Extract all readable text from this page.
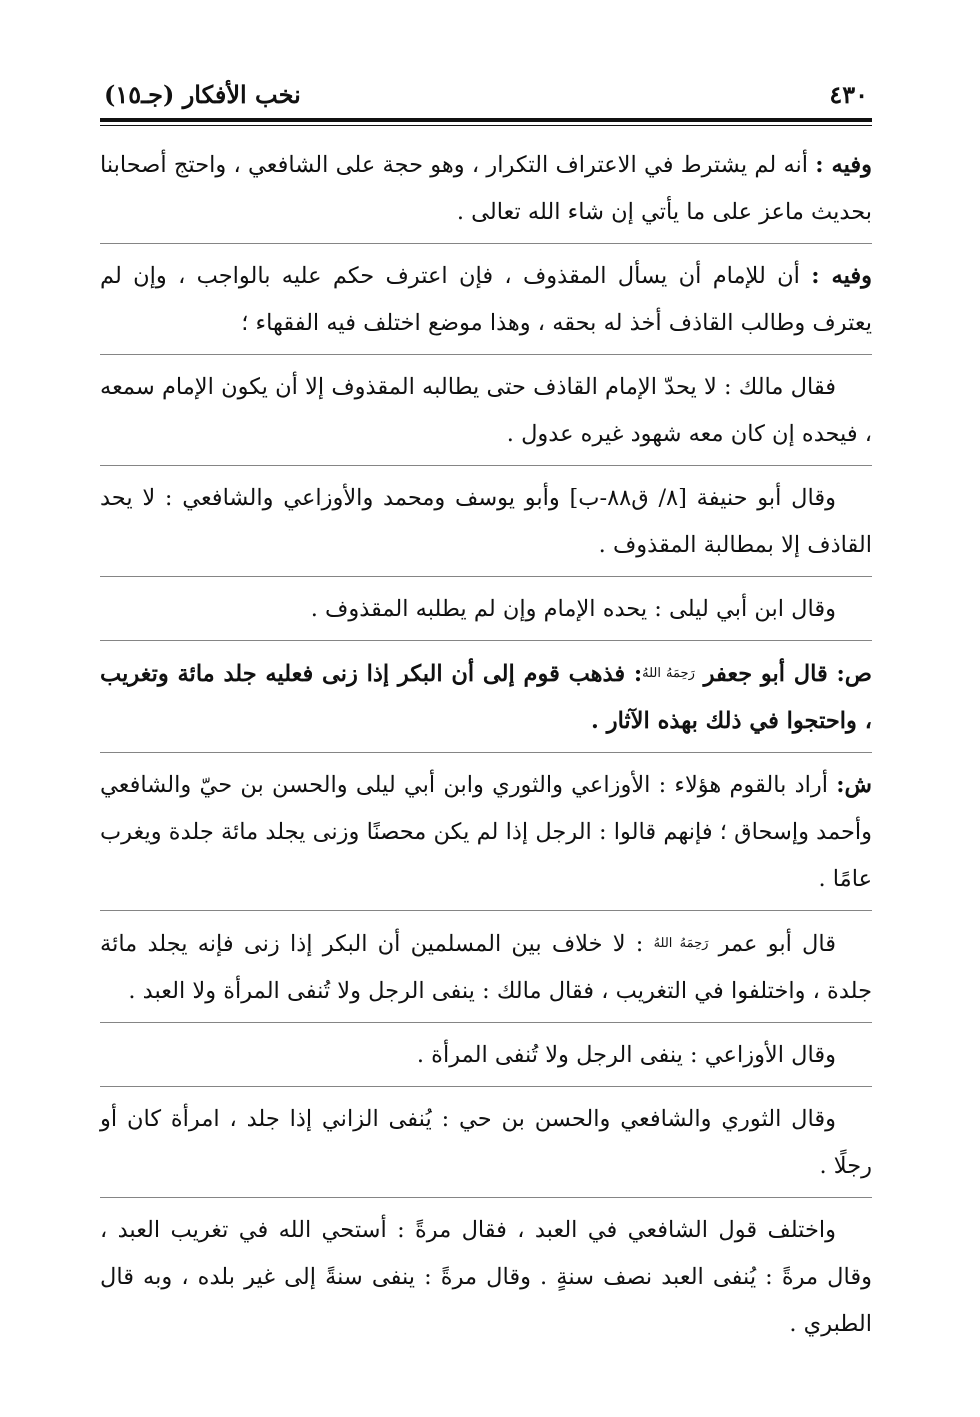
٤٣٠
نخب الأفكار (جـ١٥)

وفيه : أنه لم يشترط في الاعتراف التكرار ، وهو حجة على الشافعي ، واحتج أصحابنا بحديث ماعز على ما يأتي إن شاء الله تعالى .

وفيه : أن للإمام أن يسأل المقذوف ، فإن اعترف حكم عليه بالواجب ، وإن لم يعترف وطالب القاذف أخذ له بحقه ، وهذا موضع اختلف فيه الفقهاء ؛

فقال مالك : لا يحدّ الإمام القاذف حتى يطالبه المقذوف إلا أن يكون الإمام سمعه ، فيحده إن كان معه شهود غيره عدول .

وقال أبو حنيفة [٨/ ق٨٨-ب] وأبو يوسف ومحمد والأوزاعي والشافعي : لا يحد القاذف إلا بمطالبة المقذوف .

وقال ابن أبي ليلى : يحده الإمام وإن لم يطلبه المقذوف .

ص: قال أبو جعفر رَحِمَهُ اللهُ: فذهب قوم إلى أن البكر إذا زنى فعليه جلد مائة وتغريب ، واحتجوا في ذلك بهذه الآثار .

ش: أراد بالقوم هؤلاء : الأوزاعي والثوري وابن أبي ليلى والحسن بن حيّ والشافعي وأحمد وإسحاق ؛ فإنهم قالوا : الرجل إذا لم يكن محصنًا وزنى يجلد مائة جلدة ويغرب عامًا .

قال أبو عمر رَحِمَهُ اللهُ : لا خلاف بين المسلمين أن البكر إذا زنى فإنه يجلد مائة جلدة ، واختلفوا في التغريب ، فقال مالك : ينفى الرجل ولا تُنفى المرأة ولا العبد .

وقال الأوزاعي : ينفى الرجل ولا تُنفى المرأة .

وقال الثوري والشافعي والحسن بن حي : يُنفى الزاني إذا جلد ، امرأة كان أو رجلًا .

واختلف قول الشافعي في العبد ، فقال مرةً : أستحي الله في تغريب العبد ، وقال مرةً : يُنفى العبد نصف سنةٍ . وقال مرةً : ينفى سنةً إلى غير بلده ، وبه قال الطبري .
